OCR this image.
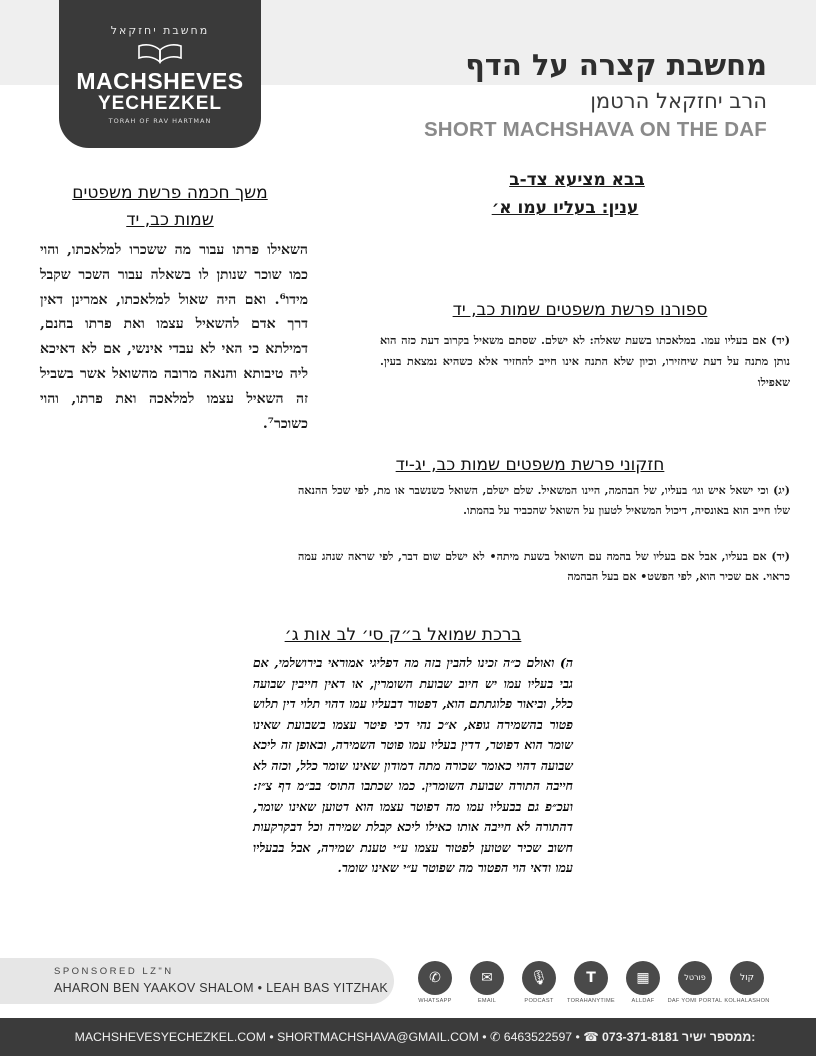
מחשבת יחזקאל
MACHSHEVES
YECHEZKEL
TORAH OF RAV HARTMAN
מחשבת קצרה על הדף
הרב יחזקאל הרטמן
SHORT MACHSHAVA ON THE DAF
בבא מציעא צד-ב
ענין: בעליו עמו א׳
משך חכמה פרשת משפטים
שמות כב, יד
השאילו פרתו עבור מה ששכרו למלאכתו, והוי כמו שוכר שנותן לו בשאלה עבור השכר שקבל מידו⁶. ואם היה שאול למלאכתו, אמרינן דאין דרך אדם להשאיל עצמו ואת פרתו בחנם, דמילתא כי האי לא עבדי אינשי, אם לא דאיכא ליה טיבותא והנאה מרובה מהשואל אשר בשביל זה השאיל עצמו למלאכה ואת פרתו, והוי כשוכר⁷.
ספורנו פרשת משפטים שמות כב, יד
(יד) אם בעליו עמו. במלאכתו בשעת שאלה: לא ישלם. שסתם משאיל בקרוב דעת כזה הוא נותן מתנה על דעת שיחזירו, וכיון שלא התנה אינו חייב להחזיר אלא כשהיא נמצאת בעין. שאפילו
חזקוני פרשת משפטים שמות כב, יג-יד
(יג) וכי ישאל איש וגו׳ בעליו, של הבהמה, היינו המשאיל. שלם ישלם, השואל כשנשבר או מת, לפי שכל ההנאה שלו חייב הוא באונסיה, דיכול המשאיל לטעון על השואל שהכביד על בהמתו.
(יד) אם בעליו, אבל אם בעליו של בהמה עם השואל בשעת מיתה• לא ישלם שום דבר, לפי שראה שנהג עמה כראוי. אם שכיר הוא, לפי הפשט• אם בעל הבהמה
ברכת שמואל ב״ק סי׳ לב אות ג׳
ה) ואולם כ״ה זכינו להבין בזה מה דפליגי אמוראי בירושלמי, אם גבי בעליו עמו יש חיוב שבועת השומרין, או דאין חייבין שבועה כלל, וביאור פלוגתתם הוא, דפטור דבעליו עמו דהוי תלוי דין תלוש פטור בהשמירה גופא, א״כ נהי דכי פיטר עצמו בשבועת שאינו שומר הוא דפוטר, דדין בעליו עמו פוטר השמירה, ובאופן זה ליכא שבועה דהוי כאומר שכורה מתה דמודון שאינו שומר כלל, וכזה לא חייבה התורה שבועת השומרין. כמו שכתבו התוס׳ בב״מ דף צ״ז: ועכ״פ גם בבעליו עמו מה דפוטר עצמו הוא דטוען שאינו שומר, דהתורה לא חייבה אותו כאילו ליכא קבלת שמירה וכל דבקרקעות חשוב שכיר שטוען לפטור עצמו ע״י טענת שמירה, אבל בבעליו עמו ודאי הוי הפטור מה שפוטר ע״י שאינו שומר.
SPONSORED LZ"N
AHARON BEN YAAKOV SHALOM • LEAH BAS YITZHAK
✆
WHATSAPP
✉
EMAIL
🎙
PODCAST
T
TORAHANYTIME
▦
ALLDAF
פורטל
DAF YOMI PORTAL
קול
KOLHALASHON
MACHSHEVESYECHEZKEL.COM • SHORTMACHSHAVA@GMAIL.COM • ✆ 6463522597 • ☎ 073-371-8181 ממספר ישיר:
